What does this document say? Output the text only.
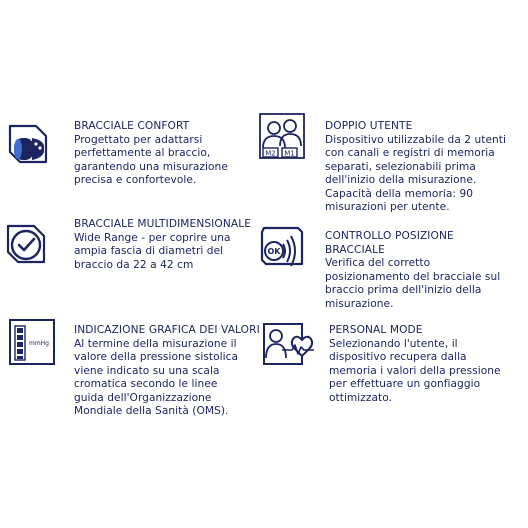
BRACCIALE CONFORT
Progettato per adattarsi
perfettamente al braccio,
garantendo una misurazione
precisa e confortevole.
M2 M1
DOPPIO UTENTE
Dispositivo utilizzabile da 2 utenti
con canali e registri di memoria
separati, selezionabili prima
dell'inizio della misurazione.
Capacità della memoria: 90
misurazioni per utente.
BRACCIALE MULTIDIMENSIONALE
Wide Range - per coprire una
ampia fascia di diametri del
braccio da 22 a 42 cm
OK
CONTROLLO POSIZIONE
BRACCIALE
Verifica del corretto
posizionamento del bracciale sul
braccio prima dell'inizio della
misurazione.
mmHg
INDICAZIONE GRAFICA DEI VALORI
Al termine della misurazione il
valore della pressione sistolica
viene indicato su una scala
cromatica secondo le linee
guida dell'Organizzazione
Mondiale della Sanità (OMS).
PERSONAL MODE
Selezionando l'utente, il
dispositivo recupera dalla
memoria i valori della pressione
per effettuare un gonfiaggio
ottimizzato.
